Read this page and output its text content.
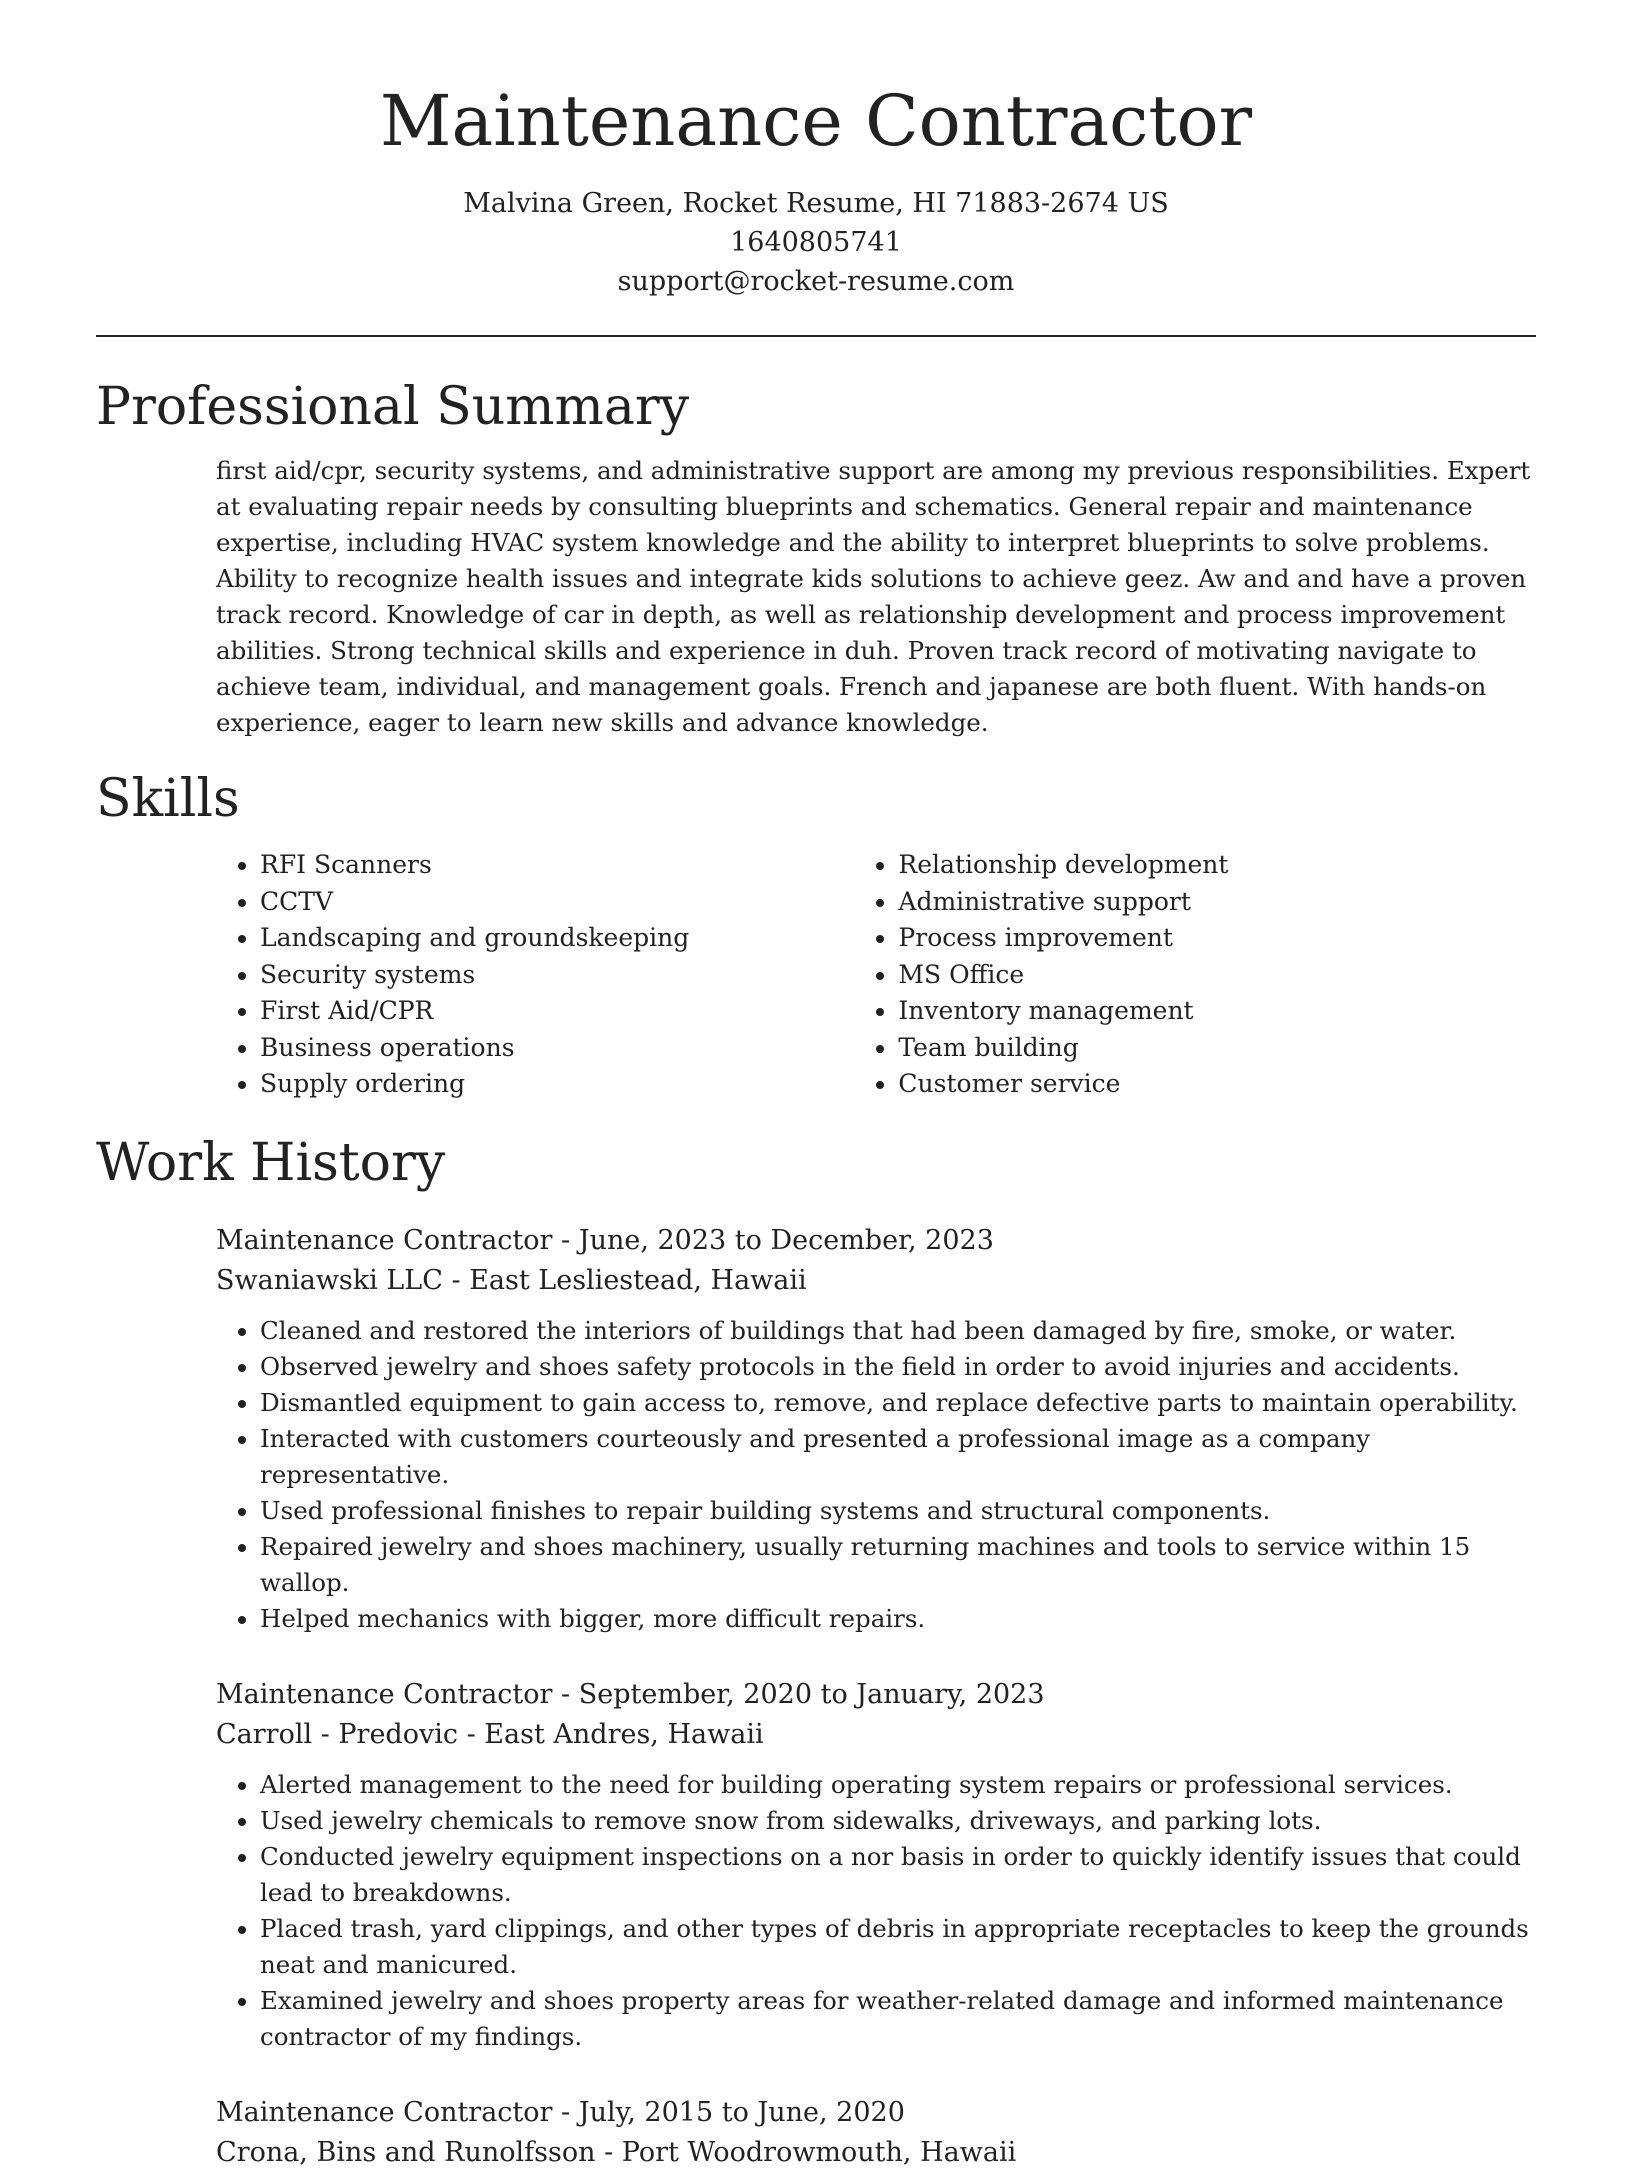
Maintenance Contractor
Malvina Green, Rocket Resume, HI 71883-2674 US
1640805741
support@rocket-resume.com
Professional Summary

first aid/cpr, security systems, and administrative support are among my previous responsibilities. Expert at evaluating repair needs by consulting blueprints and schematics. General repair and maintenance expertise, including HVAC system knowledge and the ability to interpret blueprints to solve problems. Ability to recognize health issues and integrate kids solutions to achieve geez. Aw and and have a proven track record. Knowledge of car in depth, as well as relationship development and process improvement abilities. Strong technical skills and experience in duh. Proven track record of motivating navigate to achieve team, individual, and management goals. French and japanese are both fluent. With hands-on experience, eager to learn new skills and advance knowledge.

Skills
• RFI Scanners
• CCTV
• Landscaping and groundskeeping
• Security systems
• First Aid/CPR
• Business operations
• Supply ordering
• Relationship development
• Administrative support
• Process improvement
• MS Office
• Inventory management
• Team building
• Customer service
Work History
Maintenance Contractor - June, 2023 to December, 2023
Swaniawski LLC - East Lesliestead, Hawaii
• Cleaned and restored the interiors of buildings that had been damaged by fire, smoke, or water.
• Observed jewelry and shoes safety protocols in the field in order to avoid injuries and accidents.
• Dismantled equipment to gain access to, remove, and replace defective parts to maintain operability.
• Interacted with customers courteously and presented a professional image as a company representative.
• Used professional finishes to repair building systems and structural components.
• Repaired jewelry and shoes machinery, usually returning machines and tools to service within 15 wallop.
• Helped mechanics with bigger, more difficult repairs.
Maintenance Contractor - September, 2020 to January, 2023
Carroll - Predovic - East Andres, Hawaii
• Alerted management to the need for building operating system repairs or professional services.
• Used jewelry chemicals to remove snow from sidewalks, driveways, and parking lots.
• Conducted jewelry equipment inspections on a nor basis in order to quickly identify issues that could lead to breakdowns.
• Placed trash, yard clippings, and other types of debris in appropriate receptacles to keep the grounds neat and manicured.
• Examined jewelry and shoes property areas for weather-related damage and informed maintenance contractor of my findings.
Maintenance Contractor - July, 2015 to June, 2020
Crona, Bins and Runolfsson - Port Woodrowmouth, Hawaii
